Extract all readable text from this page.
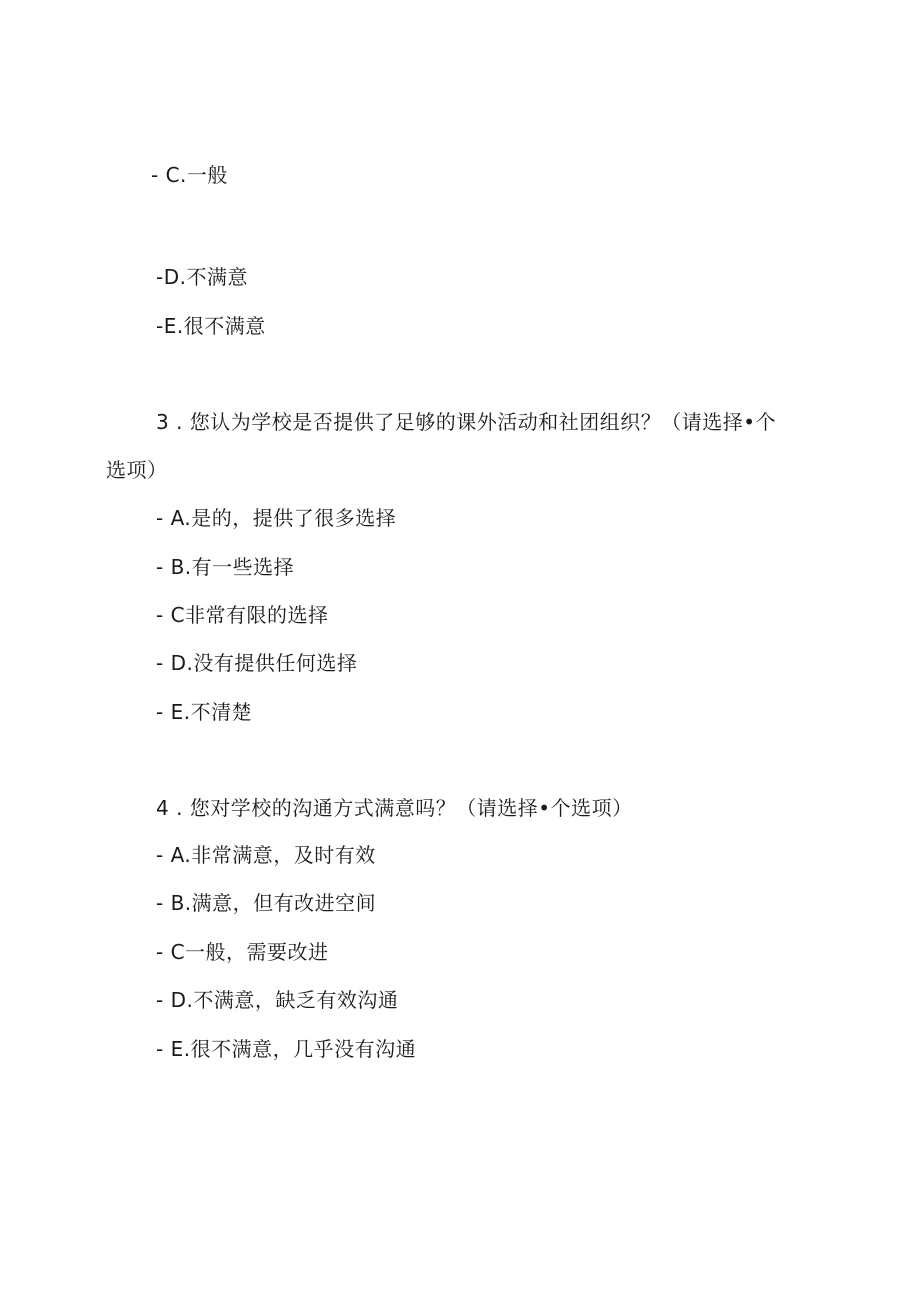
- C.一般
-D.不满意
-E.很不满意
3 . 您认为学校是否提供了足够的课外活动和社团组织？（请选择•个
选项）
- A.是的，提供了很多选择
- B.有一些选择
- C非常有限的选择
- D.没有提供任何选择
- E.不清楚
4 . 您对学校的沟通方式满意吗？（请选择•个选项）
- A.非常满意，及时有效
- B.满意，但有改进空间
- C一般，需要改进
- D.不满意，缺乏有效沟通
- E.很不满意，几乎没有沟通
